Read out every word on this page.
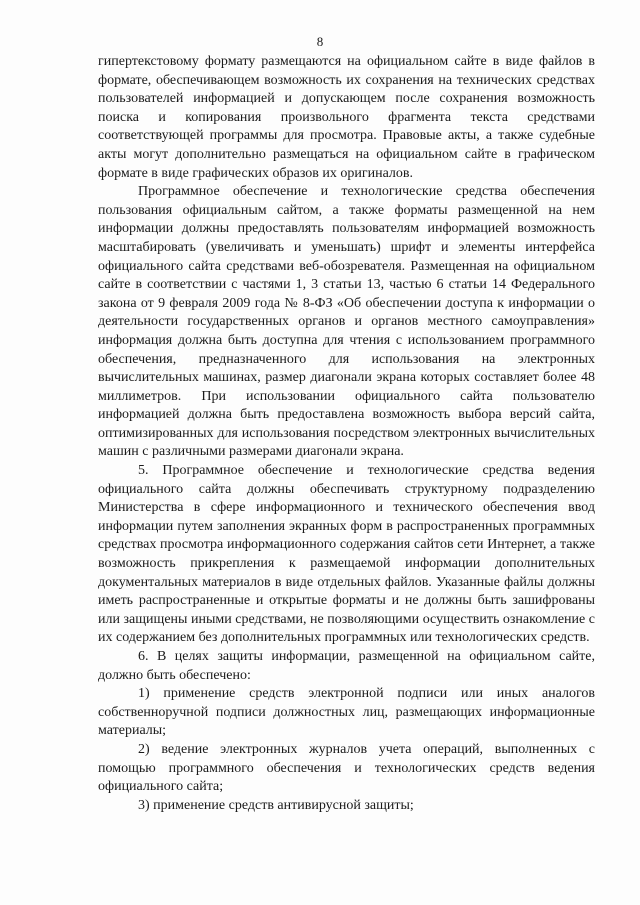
8

гипертекстовому формату размещаются на официальном сайте в виде файлов в формате, обеспечивающем возможность их сохранения на технических средствах пользователей информацией и допускающем после сохранения возможность поиска и копирования произвольного фрагмента текста средствами соответствующей программы для просмотра. Правовые акты, а также судебные акты могут дополнительно размещаться на официальном сайте в графическом формате в виде графических образов их оригиналов.

Программное обеспечение и технологические средства обеспечения пользования официальным сайтом, а также форматы размещенной на нем информации должны предоставлять пользователям информацией возможность масштабировать (увеличивать и уменьшать) шрифт и элементы интерфейса официального сайта средствами веб-обозревателя. Размещенная на официальном сайте в соответствии с частями 1, 3 статьи 13, частью 6 статьи 14 Федерального закона от 9 февраля 2009 года № 8-ФЗ «Об обеспечении доступа к информации о деятельности государственных органов и органов местного самоуправления» информация должна быть доступна для чтения с использованием программного обеспечения, предназначенного для использования на электронных вычислительных машинах, размер диагонали экрана которых составляет более 48 миллиметров. При использовании официального сайта пользователю информацией должна быть предоставлена возможность выбора версий сайта, оптимизированных для использования посредством электронных вычислительных машин с различными размерами диагонали экрана.

5. Программное обеспечение и технологические средства ведения официального сайта должны обеспечивать структурному подразделению Министерства в сфере информационного и технического обеспечения ввод информации путем заполнения экранных форм в распространенных программных средствах просмотра информационного содержания сайтов сети Интернет, а также возможность прикрепления к размещаемой информации дополнительных документальных материалов в виде отдельных файлов. Указанные файлы должны иметь распространенные и открытые форматы и не должны быть зашифрованы или защищены иными средствами, не позволяющими осуществить ознакомление с их содержанием без дополнительных программных или технологических средств.

6. В целях защиты информации, размещенной на официальном сайте, должно быть обеспечено:

1) применение средств электронной подписи или иных аналогов собственноручной подписи должностных лиц, размещающих информационные материалы;

2) ведение электронных журналов учета операций, выполненных с помощью программного обеспечения и технологических средств ведения официального сайта;

3) применение средств антивирусной защиты;
